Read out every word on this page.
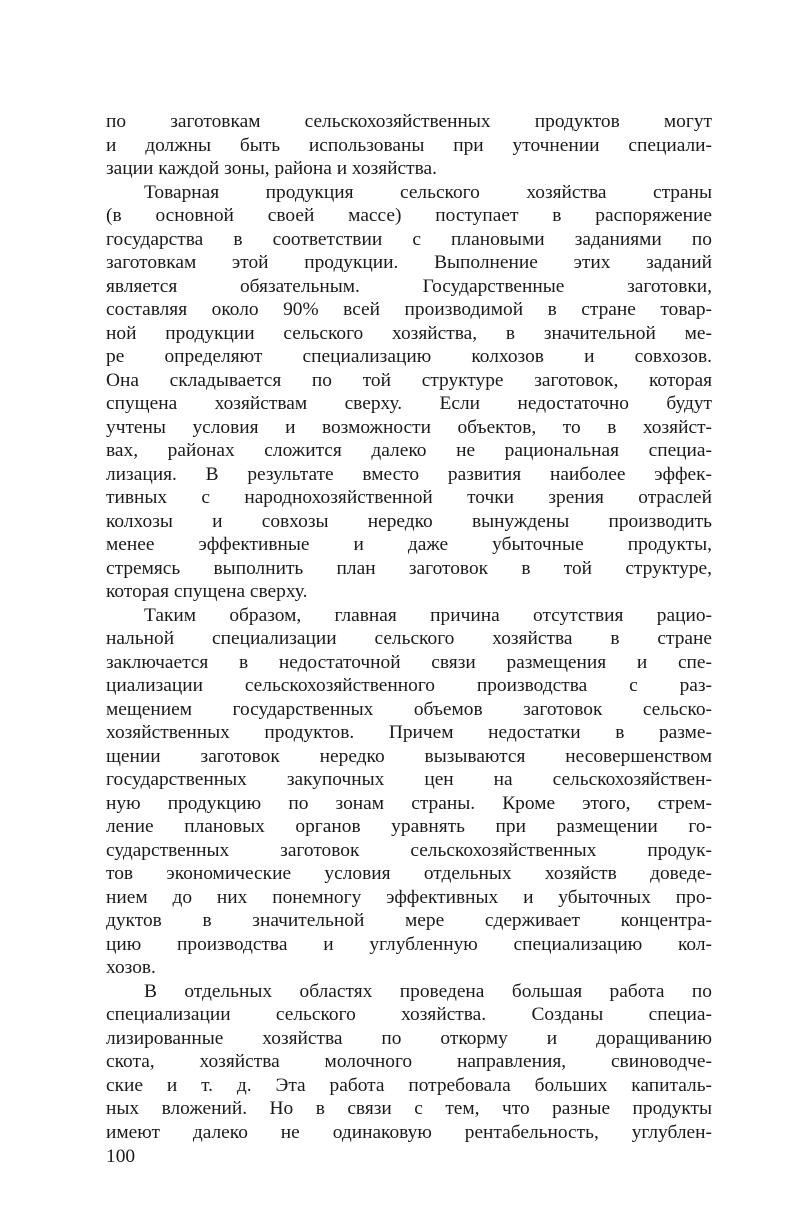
по заготовкам сельскохозяйственных продуктов могут
и должны быть использованы при уточнении специали-
зации каждой зоны, района и хозяйства.
Товарная продукция сельского хозяйства страны
(в основной своей массе) поступает в распоряжение
государства в соответствии с плановыми заданиями по
заготовкам этой продукции. Выполнение этих заданий
является обязательным. Государственные заготовки,
составляя около 90% всей производимой в стране товар-
ной продукции сельского хозяйства, в значительной ме-
ре определяют специализацию колхозов и совхозов.
Она складывается по той структуре заготовок, которая
спущена хозяйствам сверху. Если недостаточно будут
учтены условия и возможности объектов, то в хозяйст-
вах, районах сложится далеко не рациональная специа-
лизация. В результате вместо развития наиболее эффек-
тивных с народнохозяйственной точки зрения отраслей
колхозы и совхозы нередко вынуждены производить
менее эффективные и даже убыточные продукты,
стремясь выполнить план заготовок в той структуре,
которая спущена сверху.
Таким образом, главная причина отсутствия рацио-
нальной специализации сельского хозяйства в стране
заключается в недостаточной связи размещения и спе-
циализации сельскохозяйственного производства с раз-
мещением государственных объемов заготовок сельско-
хозяйственных продуктов. Причем недостатки в разме-
щении заготовок нередко вызываются несовершенством
государственных закупочных цен на сельскохозяйствен-
ную продукцию по зонам страны. Кроме этого, стрем-
ление плановых органов уравнять при размещении го-
сударственных заготовок сельскохозяйственных продук-
тов экономические условия отдельных хозяйств доведе-
нием до них понемногу эффективных и убыточных про-
дуктов в значительной мере сдерживает концентра-
цию производства и углубленную специализацию кол-
хозов.
В отдельных областях проведена большая работа по
специализации сельского хозяйства. Созданы специа-
лизированные хозяйства по откорму и доращиванию
скота, хозяйства молочного направления, свиноводче-
ские и т. д. Эта работа потребовала больших капиталь-
ных вложений. Но в связи с тем, что разные продукты
имеют далеко не одинаковую рентабельность, углублен-
100
